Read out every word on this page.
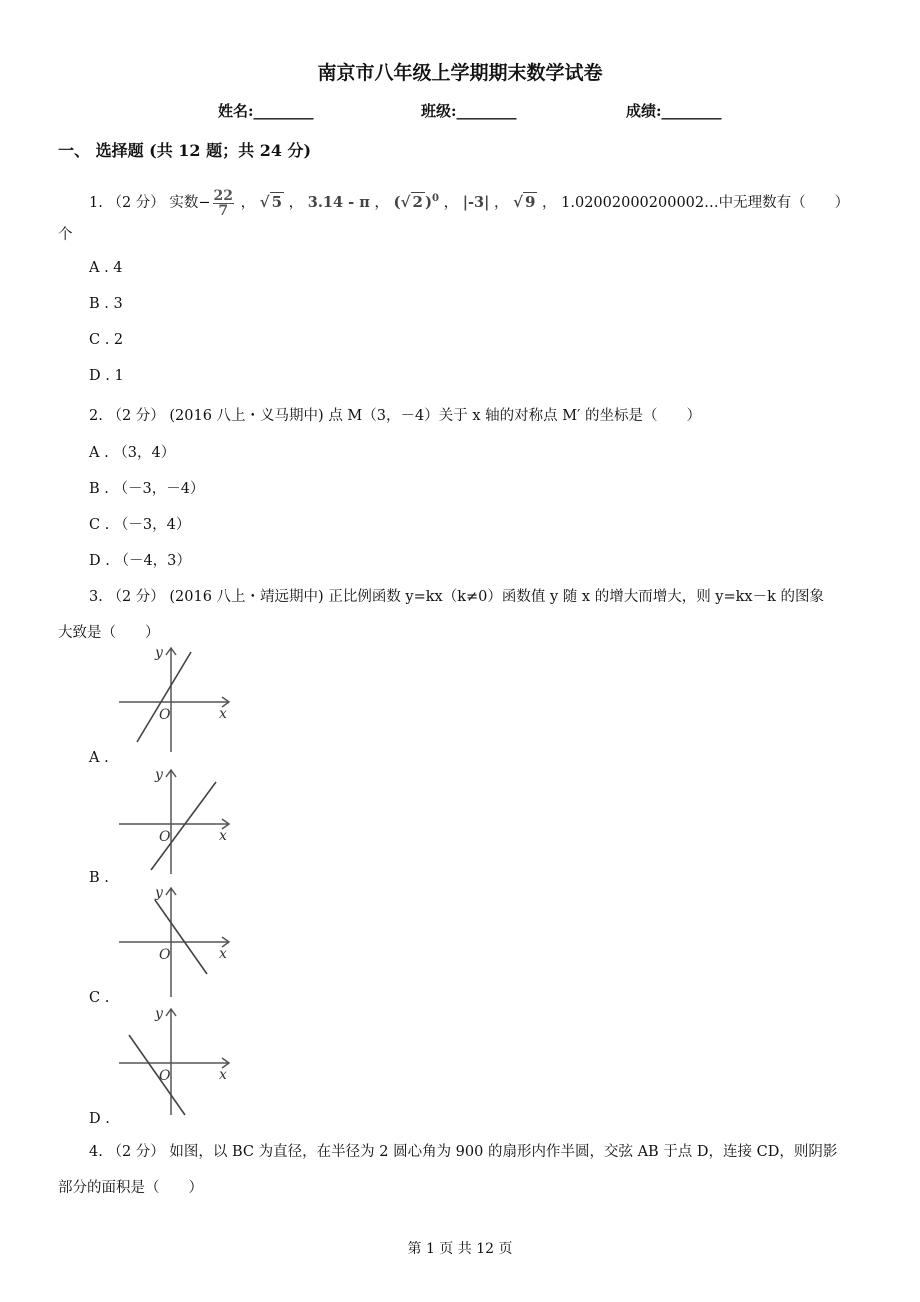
南京市八年级上学期期末数学试卷
姓名:________	班级:________	成绩:________
一、 选择题 (共 12 题；共 24 分)
1. （2 分） 实数− $\frac{22}{7}$ ， √ 5 ， 3.14 - π ， (√ 2 )$^0$ ， |-3| ， √ 9 ， 1.02002000200002…中无理数有（　　）
个
A . 4
B . 3
C . 2
D . 1
2. （2 分） (2016 八上・义马期中) 点 M（3，－4）关于 x 轴的对称点 M′ 的坐标是（　　）
A . （3，4）
B . （－3，－4）
C . （－3，4）
D . （－4，3）
3. （2 分） (2016 八上・靖远期中) 正比例函数 y=kx（k≠0）函数值 y 随 x 的增大而增大，则 y=kx－k 的图象
大致是（　　）
y
x
O
A .
y
x
O
B .
y
x
O
C .
y
x
O
D .
4. （2 分） 如图，以 BC 为直径，在半径为 2 圆心角为 900 的扇形内作半圆，交弦 AB 于点 D，连接 CD，则阴影
部分的面积是（　　）
第 1 页 共 12 页
